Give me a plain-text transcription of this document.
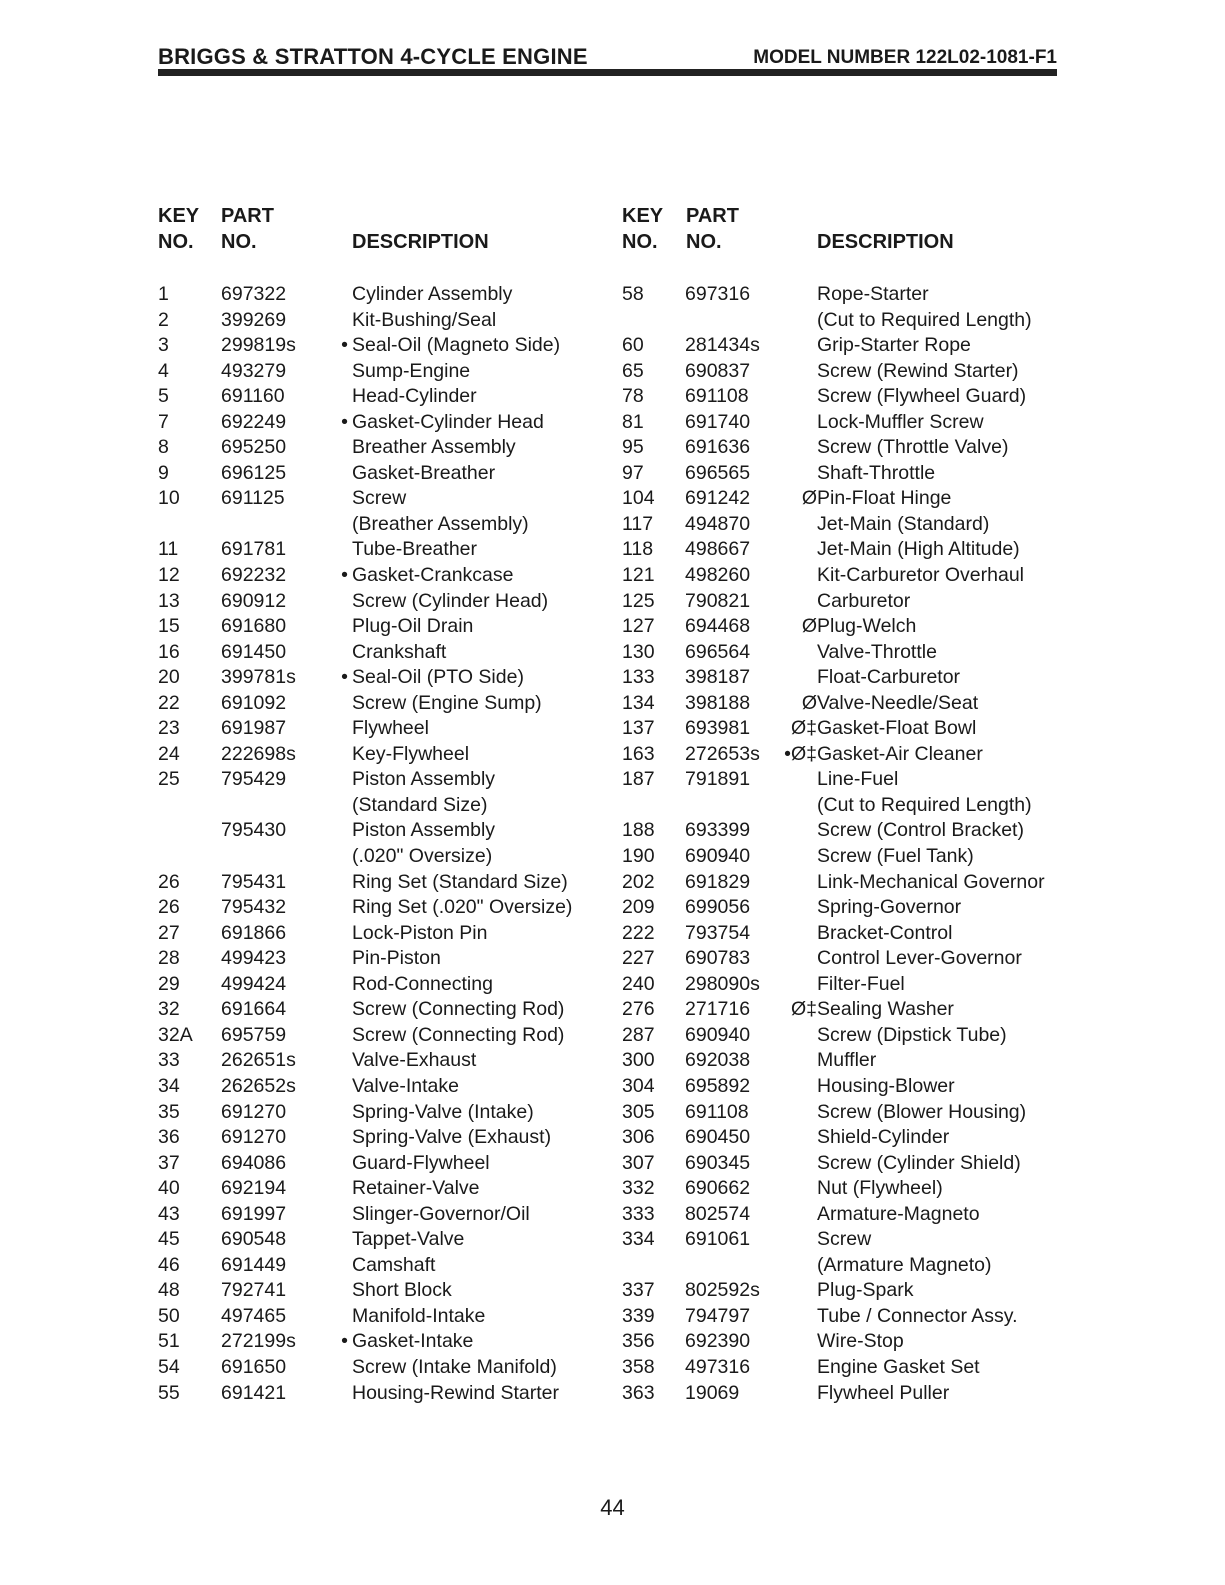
BRIGGS & STRATTON 4-CYCLE ENGINE	MODEL NUMBER 122L02-1081-F1
KEY
NO.
PART
NO.	DESCRIPTION
1	697322	Cylinder Assembly
2	399269	Kit-Bushing/Seal
3	299819s	• Seal-Oil (Magneto Side)
4	493279	Sump-Engine
5	691160	Head-Cylinder
7	692249	• Gasket-Cylinder Head
8	695250	Breather Assembly
9	696125	Gasket-Breather
10 691125	Screw
(Breather Assembly)
11 691781	Tube-Breather
12 692232	• Gasket-Crankcase
13 690912	Screw (Cylinder Head)
15 691680	Plug-Oil Drain
16 691450	Crankshaft
20 399781s	• Seal-Oil (PTO Side)
22 691092	Screw (Engine Sump)
23 691987	Flywheel
24 222698s	Key-Flywheel
25 795429	Piston Assembly
(Standard Size)
795430	Piston Assembly
(.020" Oversize)
26 795431	Ring Set (Standard Size)
26 795432	Ring Set (.020" Oversize)
27 691866	Lock-Piston Pin
28 499423	Pin-Piston
29 499424	Rod-Connecting
32 691664	Screw (Connecting Rod)
32A 695759	Screw (Connecting Rod)
33 262651s	Valve-Exhaust
34 262652s	Valve-Intake
35 691270	Spring-Valve (Intake)
36 691270	Spring-Valve (Exhaust)
37 694086	Guard-Flywheel
40 692194	Retainer-Valve
43 691997	Slinger-Governor/Oil
45 690548	Tappet-Valve
46 691449	Camshaft
48 792741	Short Block
50 497465	Manifold-Intake
51 272199s	• Gasket-Intake
54 691650	Screw (Intake Manifold)
55 691421	Housing-Rewind Starter
KEY
NO.
PART
NO.	DESCRIPTION
58 697316	Rope-Starter
(Cut to Required Length)
60 281434s	Grip-Starter Rope
65 690837	Screw (Rewind Starter)
78 691108	Screw (Flywheel Guard)
81 691740	Lock-Muffler Screw
95 691636	Screw (Throttle Valve)
97 696565	Shaft-Throttle
104 691242	Ø Pin-Float Hinge
117 494870	Jet-Main (Standard)
118 498667	Jet-Main (High Altitude)
121 498260	Kit-Carburetor Overhaul
125 790821	Carburetor
127 694468	Ø Plug-Welch
130 696564	Valve-Throttle
133 398187	Float-Carburetor
134 398188	Ø Valve-Needle/Seat
137 693981	Ø‡ Gasket-Float Bowl
163 272653s	•Ø‡ Gasket-Air Cleaner
187 791891	Line-Fuel
(Cut to Required Length)
188 693399	Screw (Control Bracket)
190 690940	Screw (Fuel Tank)
202 691829	Link-Mechanical Governor
209 699056	Spring-Governor
222 793754	Bracket-Control
227 690783	Control Lever-Governor
240 298090s	Filter-Fuel
276 271716	Ø‡ Sealing Washer
287 690940	Screw (Dipstick Tube)
300 692038	Muffler
304 695892	Housing-Blower
305 691108	Screw (Blower Housing)
306 690450	Shield-Cylinder
307 690345	Screw (Cylinder Shield)
332 690662	Nut (Flywheel)
333 802574	Armature-Magneto
334 691061	Screw
(Armature Magneto)
337 802592s	Plug-Spark
339 794797	Tube / Connector Assy.
356 692390	Wire-Stop
358 497316	Engine Gasket Set
363 19069	Flywheel Puller
44
